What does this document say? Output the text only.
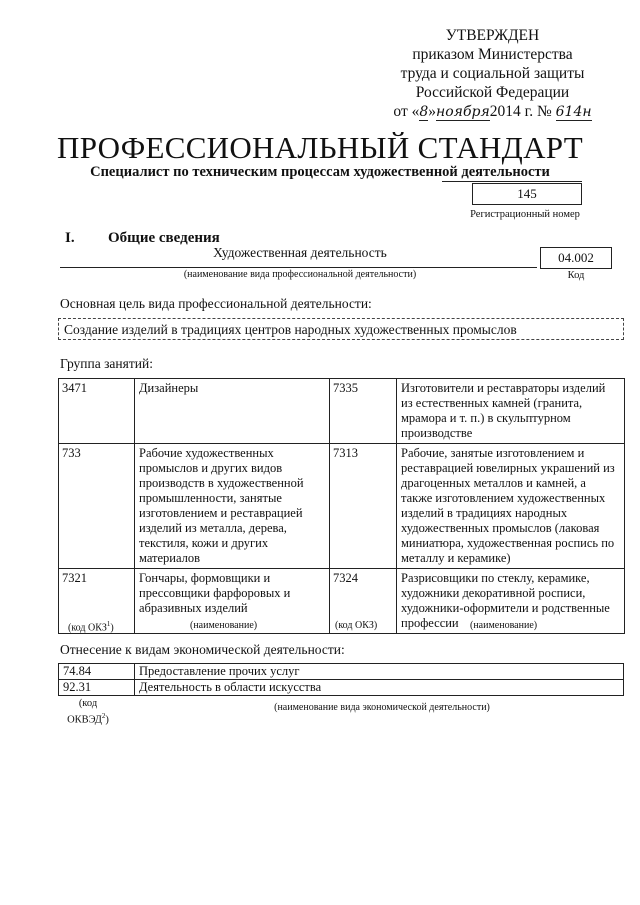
УТВЕРЖДЕН
приказом Министерства
труда и социальной защиты
Российской Федерации
от «8»ноября2014 г. № 614н
ПРОФЕССИОНАЛЬНЫЙ СТАНДАРТ
Специалист по техническим процессам художественной деятельности
145
Регистрационный номер
I. Общие сведения
Художественная деятельность
(наименование вида профессиональной деятельности)
04.002
Код
Основная цель вида профессиональной деятельности:
Создание изделий в традициях центров народных художественных промыслов
Группа занятий:
3471	Дизайнеры	7335	Изготовители и реставраторы изделий из естественных камней (гранита, мрамора и т. п.) в скульптурном производстве
733	Рабочие художественных промыслов и других видов производств в художественной промышленности, занятые изготовлением и реставрацией изделий из металла, дерева, текстиля, кожи и других материалов	7313	Рабочие, занятые изготовлением и реставрацией ювелирных украшений из драгоценных металлов и камней, а также изготовлением художественных изделий в традициях народных художественных промыслов (лаковая миниатюра, художественная роспись по металлу и керамике)
7321	Гончары, формовщики и прессовщики фарфоровых и абразивных изделий	7324	Разрисовщики по стеклу, керамике, художники декоративной росписи, художники-оформители и родственные профессии
(код ОКЗ$^1$)	(наименование)	(код ОКЗ)	(наименование)
Отнесение к видам экономической деятельности:
74.84	Предоставление прочих услуг
92.31	Деятельность в области искусства
(код
ОКВЭД$^2$)
(наименование вида экономической деятельности)
